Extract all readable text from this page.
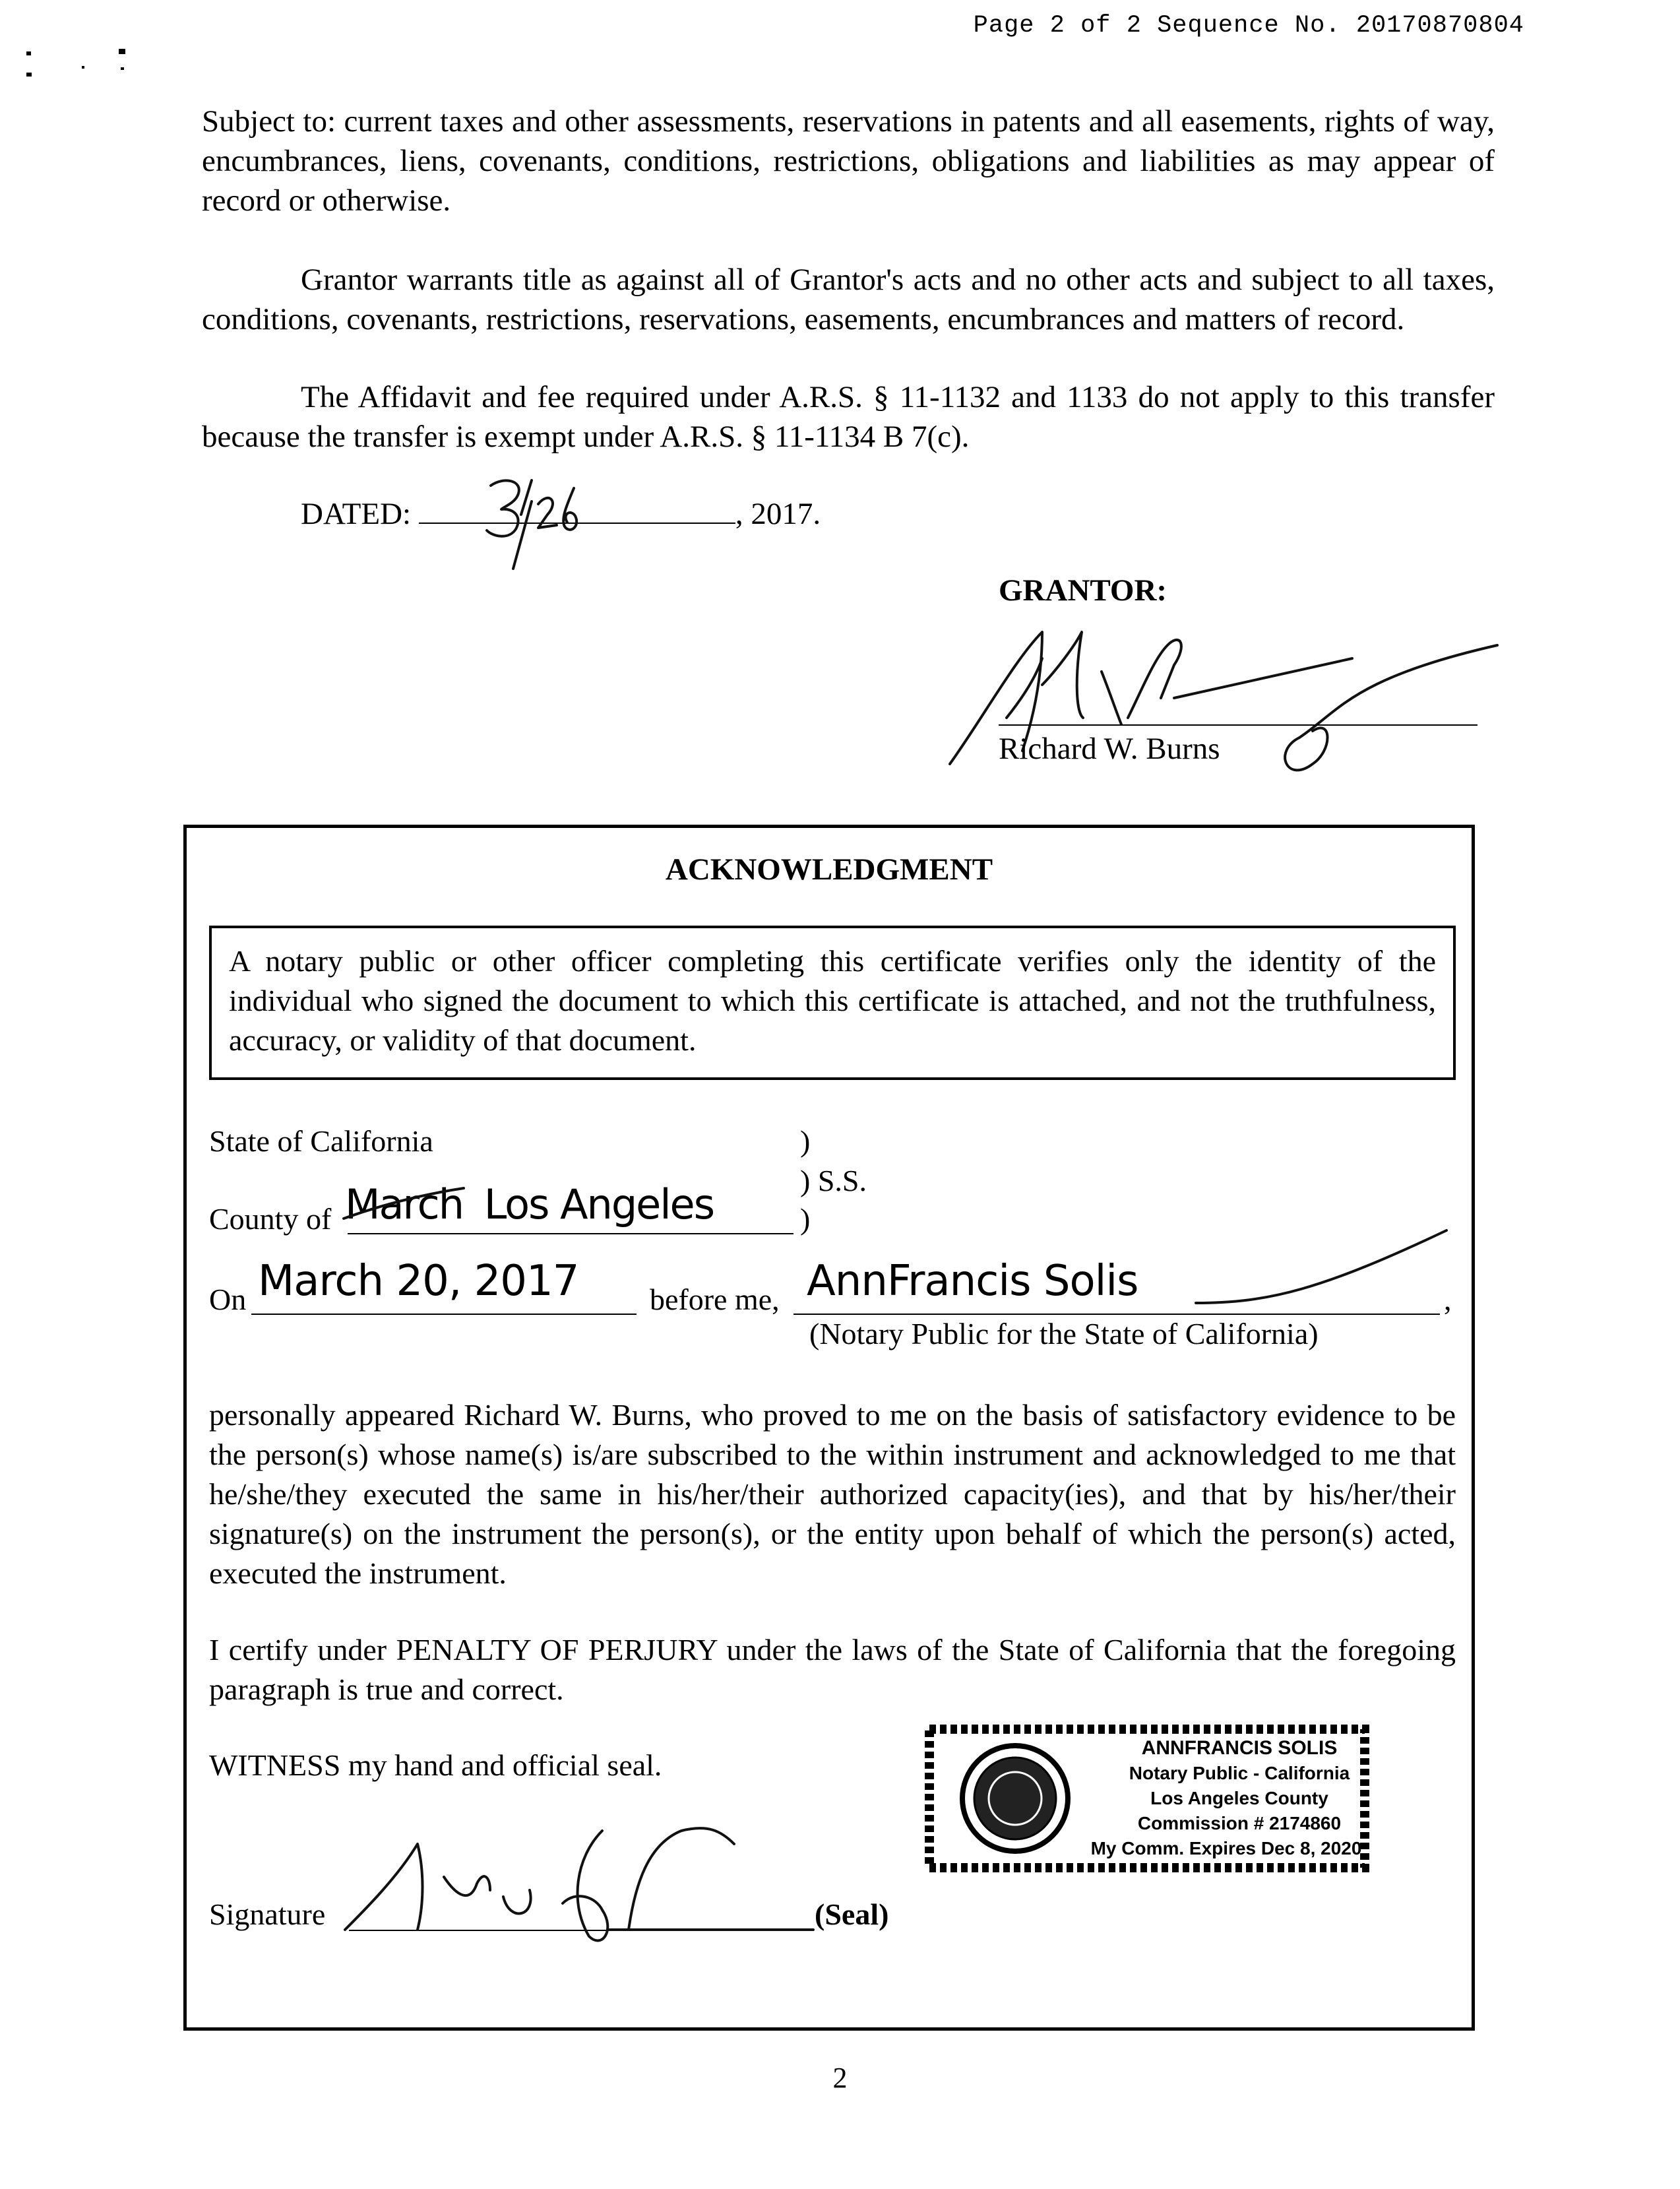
Page 2 of 2 Sequence No. 20170870804
Subject to: current taxes and other assessments, reservations in patents and all easements, rights of way, encumbrances, liens, covenants, conditions, restrictions, obligations and liabilities as may appear of record or otherwise.
Grantor warrants title as against all of Grantor's acts and no other acts and subject to all taxes, conditions, covenants, restrictions, reservations, easements, encumbrances and matters of record.
The Affidavit and fee required under A.R.S. § 11-1132 and 1133 do not apply to this transfer because the transfer is exempt under A.R.S. § 11-1134 B 7(c).
DATED:	, 2017.
GRANTOR:
Richard W. Burns
ACKNOWLEDGMENT
A notary public or other officer completing this certificate verifies only the identity of the individual who signed the document to which this certificate is attached, and not the truthfulness, accuracy, or validity of that document.
State of California	)
) S.S.
)
County of March Los Angeles
On March 20, 2017 before me,	,
AnnFrancis Solis
(Notary Public for the State of California)
personally appeared Richard W. Burns, who proved to me on the basis of satisfactory evidence to be the person(s) whose name(s) is/are subscribed to the within instrument and acknowledged to me that he/she/they executed the same in his/her/their authorized capacity(ies), and that by his/her/their signature(s) on the instrument the person(s), or the entity upon behalf of which the person(s) acted, executed the instrument.
I certify under PENALTY OF PERJURY under the laws of the State of California that the foregoing paragraph is true and correct.
WITNESS my hand and official seal.
Signature	(Seal)
ANNFRANCIS SOLIS
Notary Public - California
Los Angeles County
Commission # 2174860
My Comm. Expires Dec 8, 2020
2
